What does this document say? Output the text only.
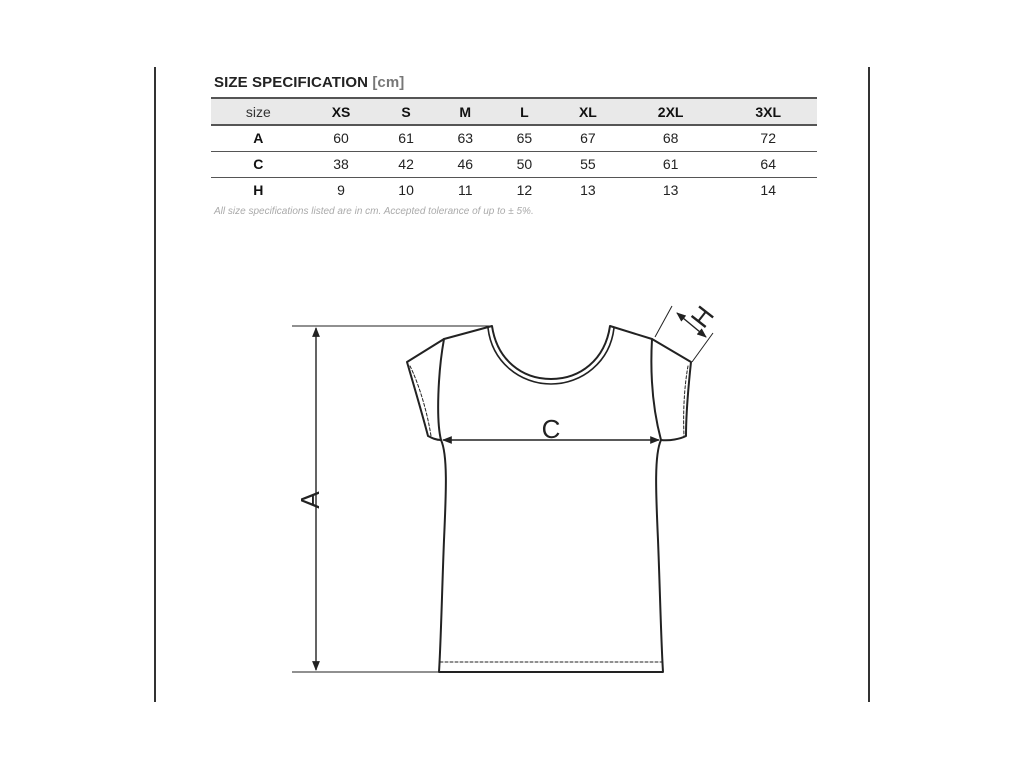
SIZE SPECIFICATION [cm]
size	XS	S	M	L	XL	2XL	3XL
A	60	61	63	65	67	68	72
C	38	42	46	50	55	61	64
H	9	10	11	12	13	13	14
All size specifications listed are in cm. Accepted tolerance of up to ± 5%.
A
C
H
